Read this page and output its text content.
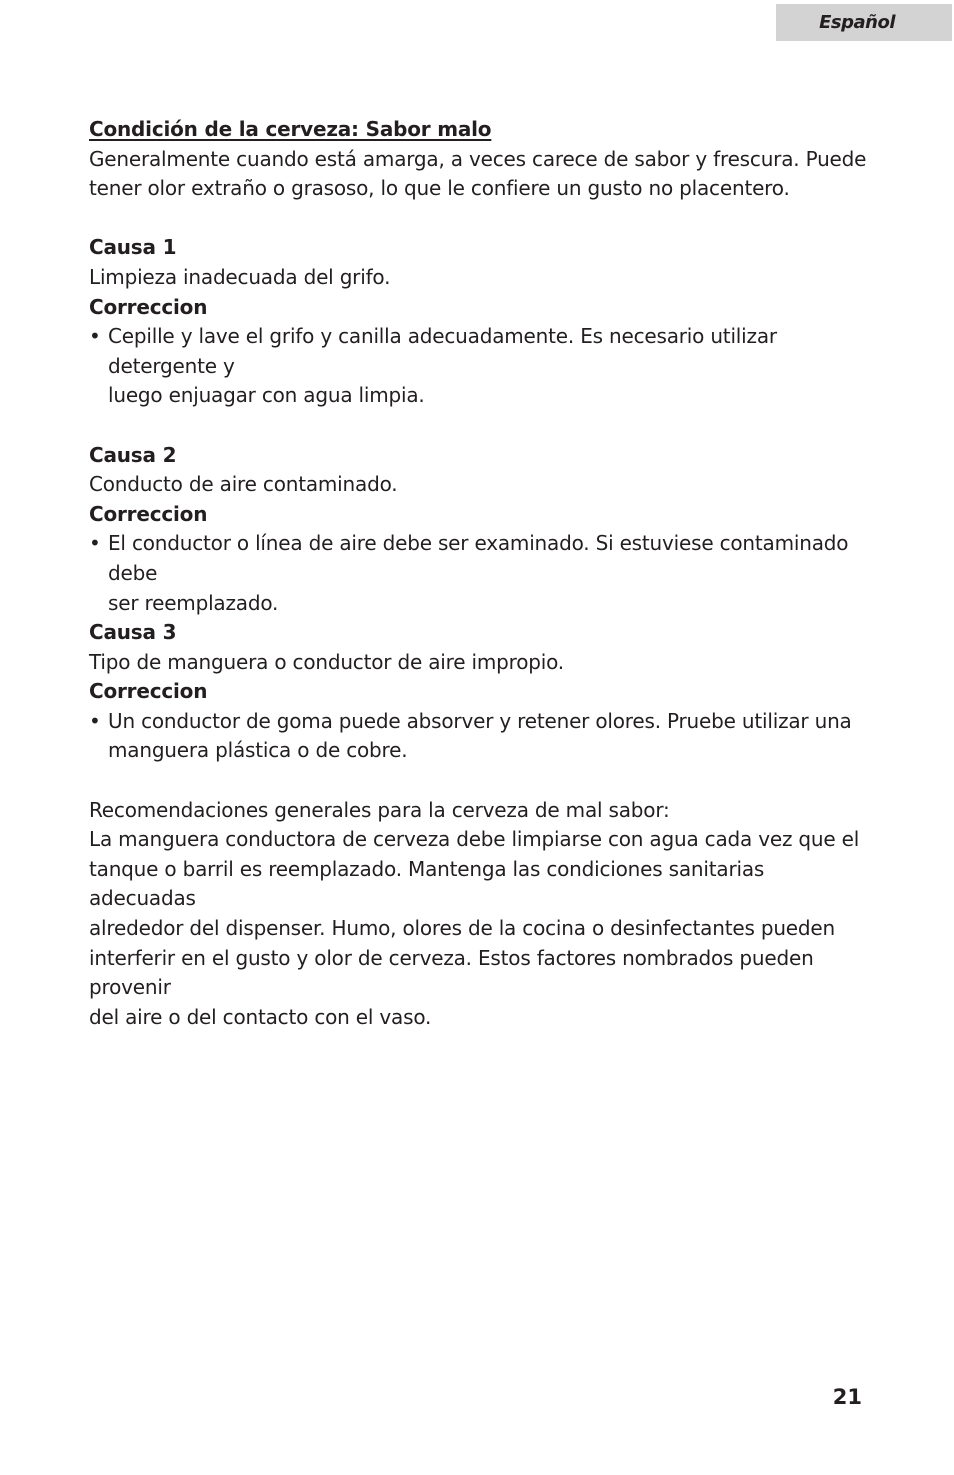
Español

Condición de la cerveza: Sabor malo

Generalmente cuando está amarga, a veces carece de sabor y frescura. Puede

tener olor extraño o grasoso, lo que le confiere un gusto no placentero.

Causa 1

Limpieza inadecuada del grifo.

Correccion

• Cepille y lave el grifo y canilla adecuadamente. Es necesario utilizar detergente y
luego enjuagar con agua limpia.

Causa 2

Conducto de aire contaminado.

Correccion

• El conductor o línea de aire debe ser examinado. Si estuviese contaminado debe
ser reemplazado.

Causa 3

Tipo de manguera o conductor de aire impropio.

Correccion

• Un conductor de goma puede absorver y retener olores. Pruebe utilizar una
manguera plástica o de cobre.

Recomendaciones generales para la cerveza de mal sabor:

La manguera conductora de cerveza debe limpiarse con agua cada vez que el

tanque o barril es reemplazado. Mantenga las condiciones sanitarias adecuadas

alrededor del dispenser. Humo, olores de la cocina o desinfectantes pueden

interferir en el gusto y olor de cerveza. Estos factores nombrados pueden provenir

del aire o del contacto con el vaso.

21
